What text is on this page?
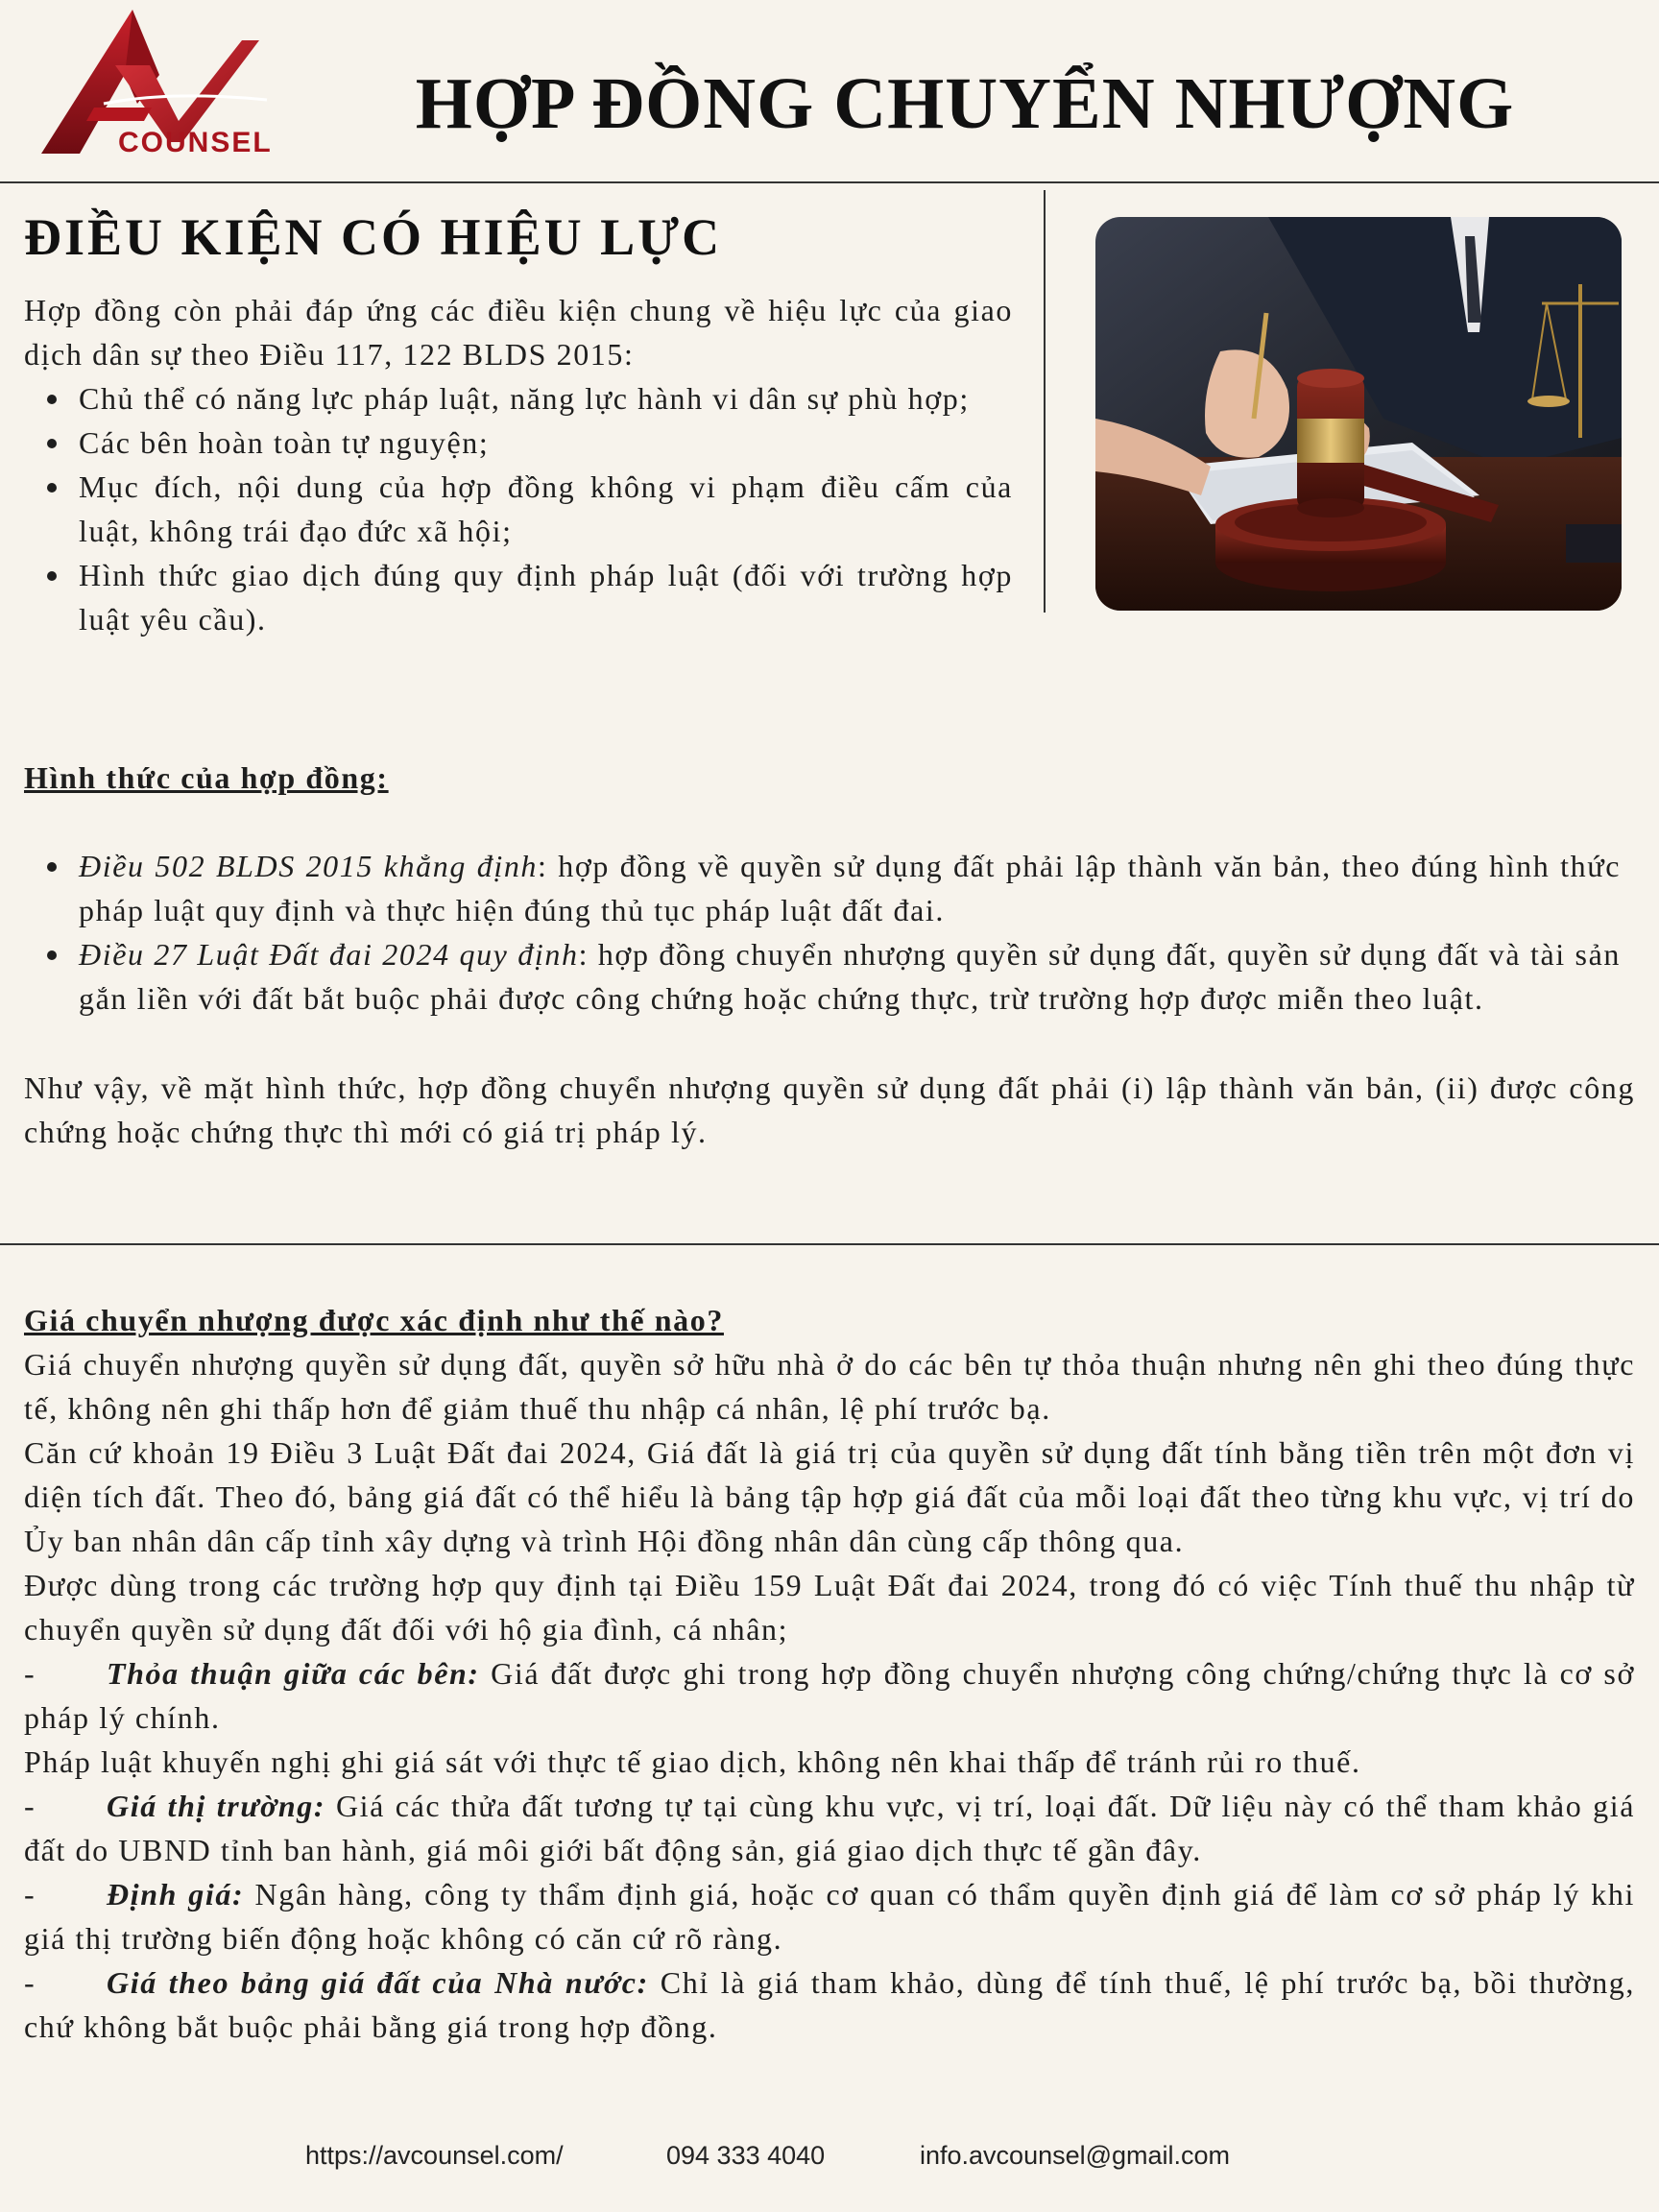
COUNSEL	HỢP ĐỒNG CHUYỂN NHƯỢNG
ĐIỀU KIỆN CÓ HIỆU LỰC
Hợp đồng còn phải đáp ứng các điều kiện chung về hiệu lực của giao dịch dân sự theo Điều 117, 122 BLDS 2015:
Chủ thể có năng lực pháp luật, năng lực hành vi dân sự phù hợp;
Các bên hoàn toàn tự nguyện;
Mục đích, nội dung của hợp đồng không vi phạm điều cấm của luật, không trái đạo đức xã hội;
Hình thức giao dịch đúng quy định pháp luật (đối với trường hợp luật yêu cầu).
Hình thức của hợp đồng:
Điều 502 BLDS 2015 khẳng định: hợp đồng về quyền sử dụng đất phải lập thành văn bản, theo đúng hình thức pháp luật quy định và thực hiện đúng thủ tục pháp luật đất đai.
Điều 27 Luật Đất đai 2024 quy định: hợp đồng chuyển nhượng quyền sử dụng đất, quyền sử dụng đất và tài sản gắn liền với đất bắt buộc phải được công chứng hoặc chứng thực, trừ trường hợp được miễn theo luật.
Như vậy, về mặt hình thức, hợp đồng chuyển nhượng quyền sử dụng đất phải (i) lập thành văn bản, (ii) được công chứng hoặc chứng thực thì mới có giá trị pháp lý.
Giá chuyển nhượng được xác định như thế nào?

Giá chuyển nhượng quyền sử dụng đất, quyền sở hữu nhà ở do các bên tự thỏa thuận nhưng nên ghi theo đúng thực tế, không nên ghi thấp hơn để giảm thuế thu nhập cá nhân, lệ phí trước bạ.

Căn cứ khoản 19 Điều 3 Luật Đất đai 2024, Giá đất là giá trị của quyền sử dụng đất tính bằng tiền trên một đơn vị diện tích đất. Theo đó, bảng giá đất có thể hiểu là bảng tập hợp giá đất của mỗi loại đất theo từng khu vực, vị trí do Ủy ban nhân dân cấp tỉnh xây dựng và trình Hội đồng nhân dân cùng cấp thông qua.

Được dùng trong các trường hợp quy định tại Điều 159 Luật Đất đai 2024, trong đó có việc Tính thuế thu nhập từ chuyển quyền sử dụng đất đối với hộ gia đình, cá nhân;

- Thỏa thuận giữa các bên: Giá đất được ghi trong hợp đồng chuyển nhượng công chứng/chứng thực là cơ sở pháp lý chính.

Pháp luật khuyến nghị ghi giá sát với thực tế giao dịch, không nên khai thấp để tránh rủi ro thuế.

- Giá thị trường: Giá các thửa đất tương tự tại cùng khu vực, vị trí, loại đất. Dữ liệu này có thể tham khảo giá đất do UBND tỉnh ban hành, giá môi giới bất động sản, giá giao dịch thực tế gần đây.

- Định giá: Ngân hàng, công ty thẩm định giá, hoặc cơ quan có thẩm quyền định giá để làm cơ sở pháp lý khi giá thị trường biến động hoặc không có căn cứ rõ ràng.

- Giá theo bảng giá đất của Nhà nước: Chỉ là giá tham khảo, dùng để tính thuế, lệ phí trước bạ, bồi thường, chứ không bắt buộc phải bằng giá trong hợp đồng.

https://avcounsel.com/	094 333 4040	info.avcounsel@gmail.com
